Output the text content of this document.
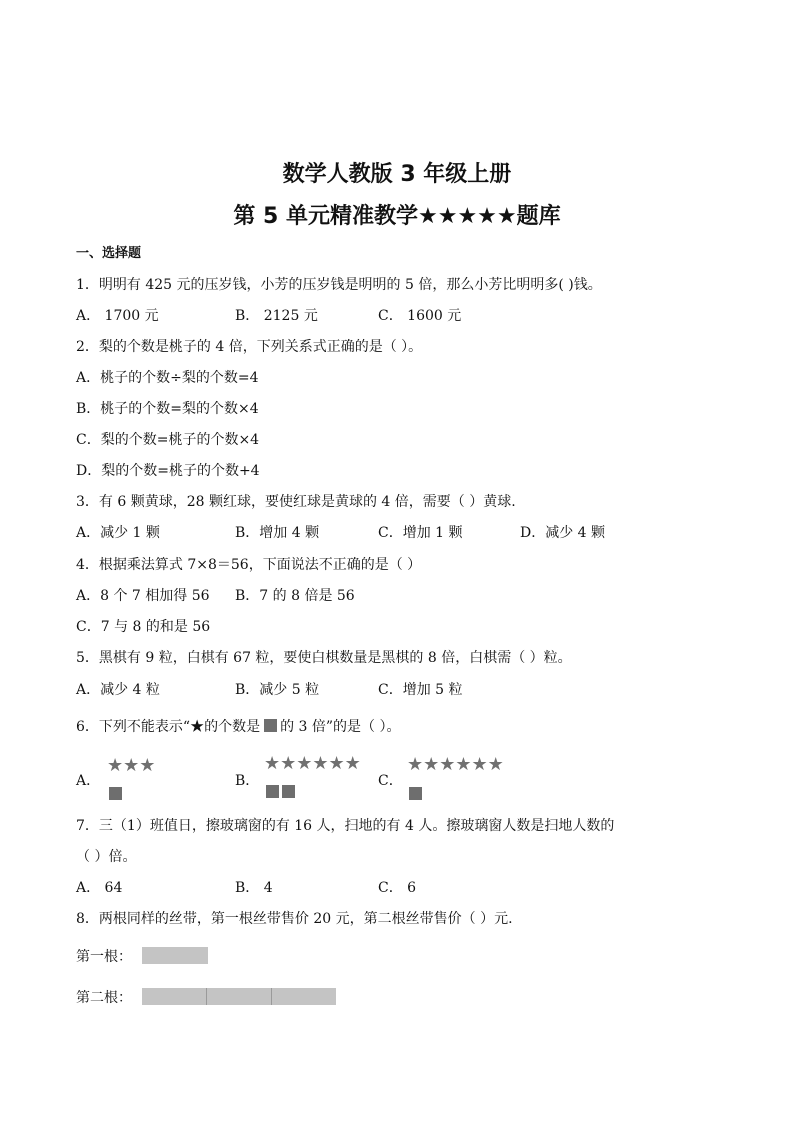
数学人教版 3 年级上册
第 5 单元精准教学★★★★★题库
一、选择题
1．明明有 425 元的压岁钱，小芳的压岁钱是明明的 5 倍，那么小芳比明明多( )钱。
A． 1700 元	B． 2125 元	C． 1600 元
2．梨的个数是桃子的 4 倍，下列关系式正确的是（ ）。
A．桃子的个数÷梨的个数=4
B．桃子的个数=梨的个数×4
C．梨的个数=桃子的个数×4
D．梨的个数=桃子的个数+4
3．有 6 颗黄球，28 颗红球，要使红球是黄球的 4 倍，需要（ ）黄球.
A．减少 1 颗	B．增加 4 颗	C．增加 1 颗	D．减少 4 颗
4．根据乘法算式 7×8＝56，下面说法不正确的是（ ）
A．8 个 7 相加得 56 B．7 的 8 倍是 56
C．7 与 8 的和是 56
5．黑棋有 9 粒，白棋有 67 粒，要使白棋数量是黑棋的 8 倍，白棋需（ ）粒。
A．减少 4 粒	B．减少 5 粒	C．增加 5 粒
6．下列不能表示“★的个数是 的 3 倍”的是（ ）。
A．
★★★
B．
★★★★★★
C．
★★★★★★
7．三（1）班值日，擦玻璃窗的有 16 人，扫地的有 4 人。擦玻璃窗人数是扫地人数的
（ ）倍。
A． 64	B． 4	C． 6
8．两根同样的丝带，第一根丝带售价 20 元，第二根丝带售价（ ）元.
第一根：
第二根：
